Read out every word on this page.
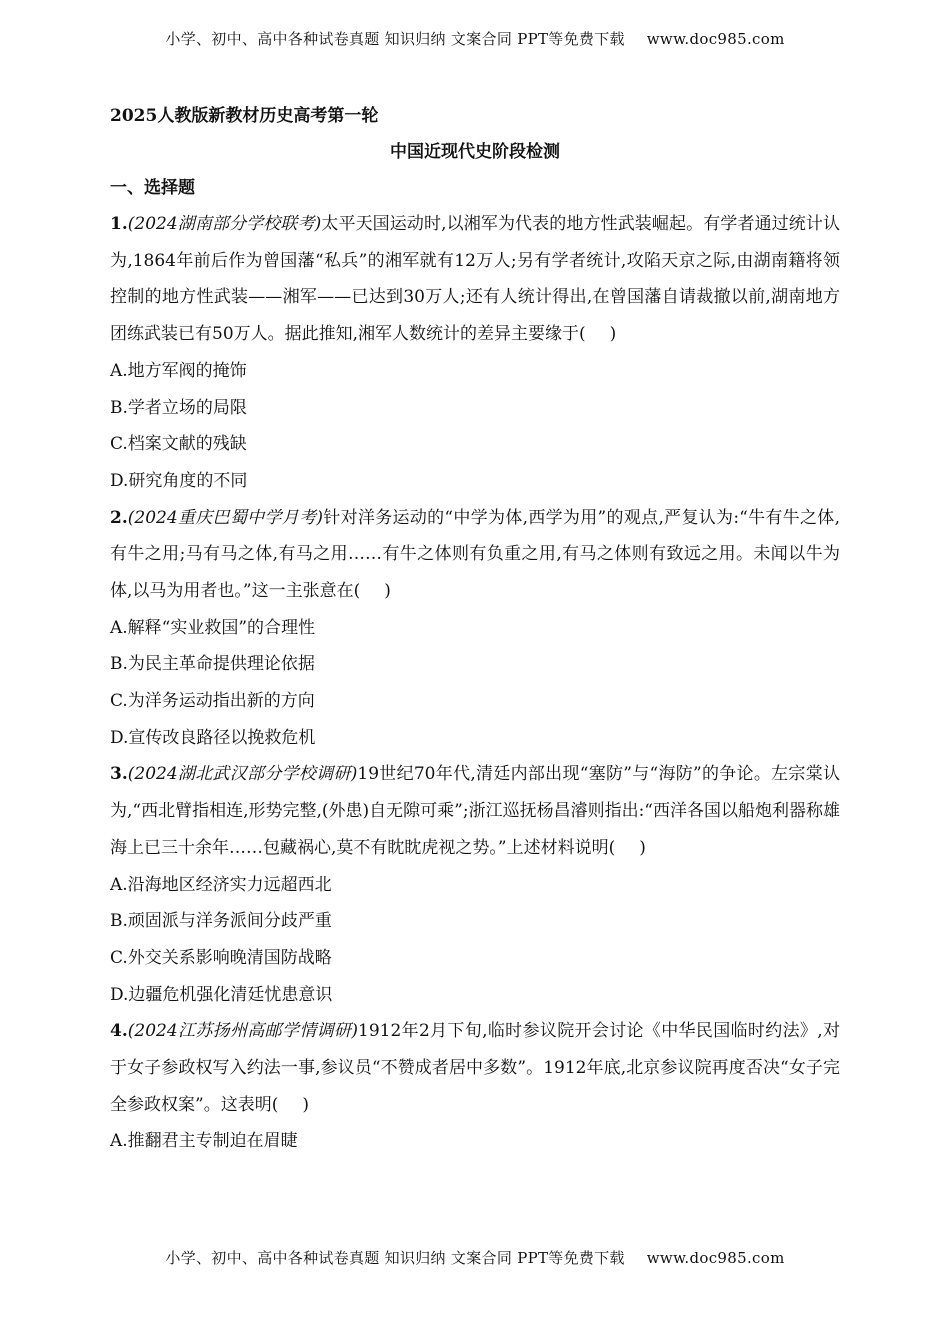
小学、初中、高中各种试卷真题 知识归纳 文案合同 PPT等免费下载 www.doc985.com
2025人教版新教材历史高考第一轮
中国近现代史阶段检测
一、选择题

1.(2024湖南部分学校联考)太平天国运动时,以湘军为代表的地方性武装崛起。有学者通过统计认为,1864年前后作为曾国藩“私兵”的湘军就有12万人;另有学者统计,攻陷天京之际,由湖南籍将领控制的地方性武装——湘军——已达到30万人;还有人统计得出,在曾国藩自请裁撤以前,湖南地方团练武装已有50万人。据此推知,湘军人数统计的差异主要缘于( )

A.地方军阀的掩饰
B.学者立场的局限
C.档案文献的残缺
D.研究角度的不同

2.(2024重庆巴蜀中学月考)针对洋务运动的“中学为体,西学为用”的观点,严复认为:“牛有牛之体,有牛之用;马有马之体,有马之用……有牛之体则有负重之用,有马之体则有致远之用。未闻以牛为体,以马为用者也。”这一主张意在( )

A.解释“实业救国”的合理性
B.为民主革命提供理论依据
C.为洋务运动指出新的方向
D.宣传改良路径以挽救危机

3.(2024湖北武汉部分学校调研)19世纪70年代,清廷内部出现“塞防”与“海防”的争论。左宗棠认为,“西北臂指相连,形势完整,(外患)自无隙可乘”;浙江巡抚杨昌濬则指出:“西洋各国以船炮利器称雄海上已三十余年……包藏祸心,莫不有眈眈虎视之势。”上述材料说明( )

A.沿海地区经济实力远超西北
B.顽固派与洋务派间分歧严重
C.外交关系影响晚清国防战略
D.边疆危机强化清廷忧患意识

4.(2024江苏扬州高邮学情调研)1912年2月下旬,临时参议院开会讨论《中华民国临时约法》,对于女子参政权写入约法一事,参议员“不赞成者居中多数”。1912年底,北京参议院再度否决“女子完全参政权案”。这表明( )

A.推翻君主专制迫在眉睫
小学、初中、高中各种试卷真题 知识归纳 文案合同 PPT等免费下载 www.doc985.com
